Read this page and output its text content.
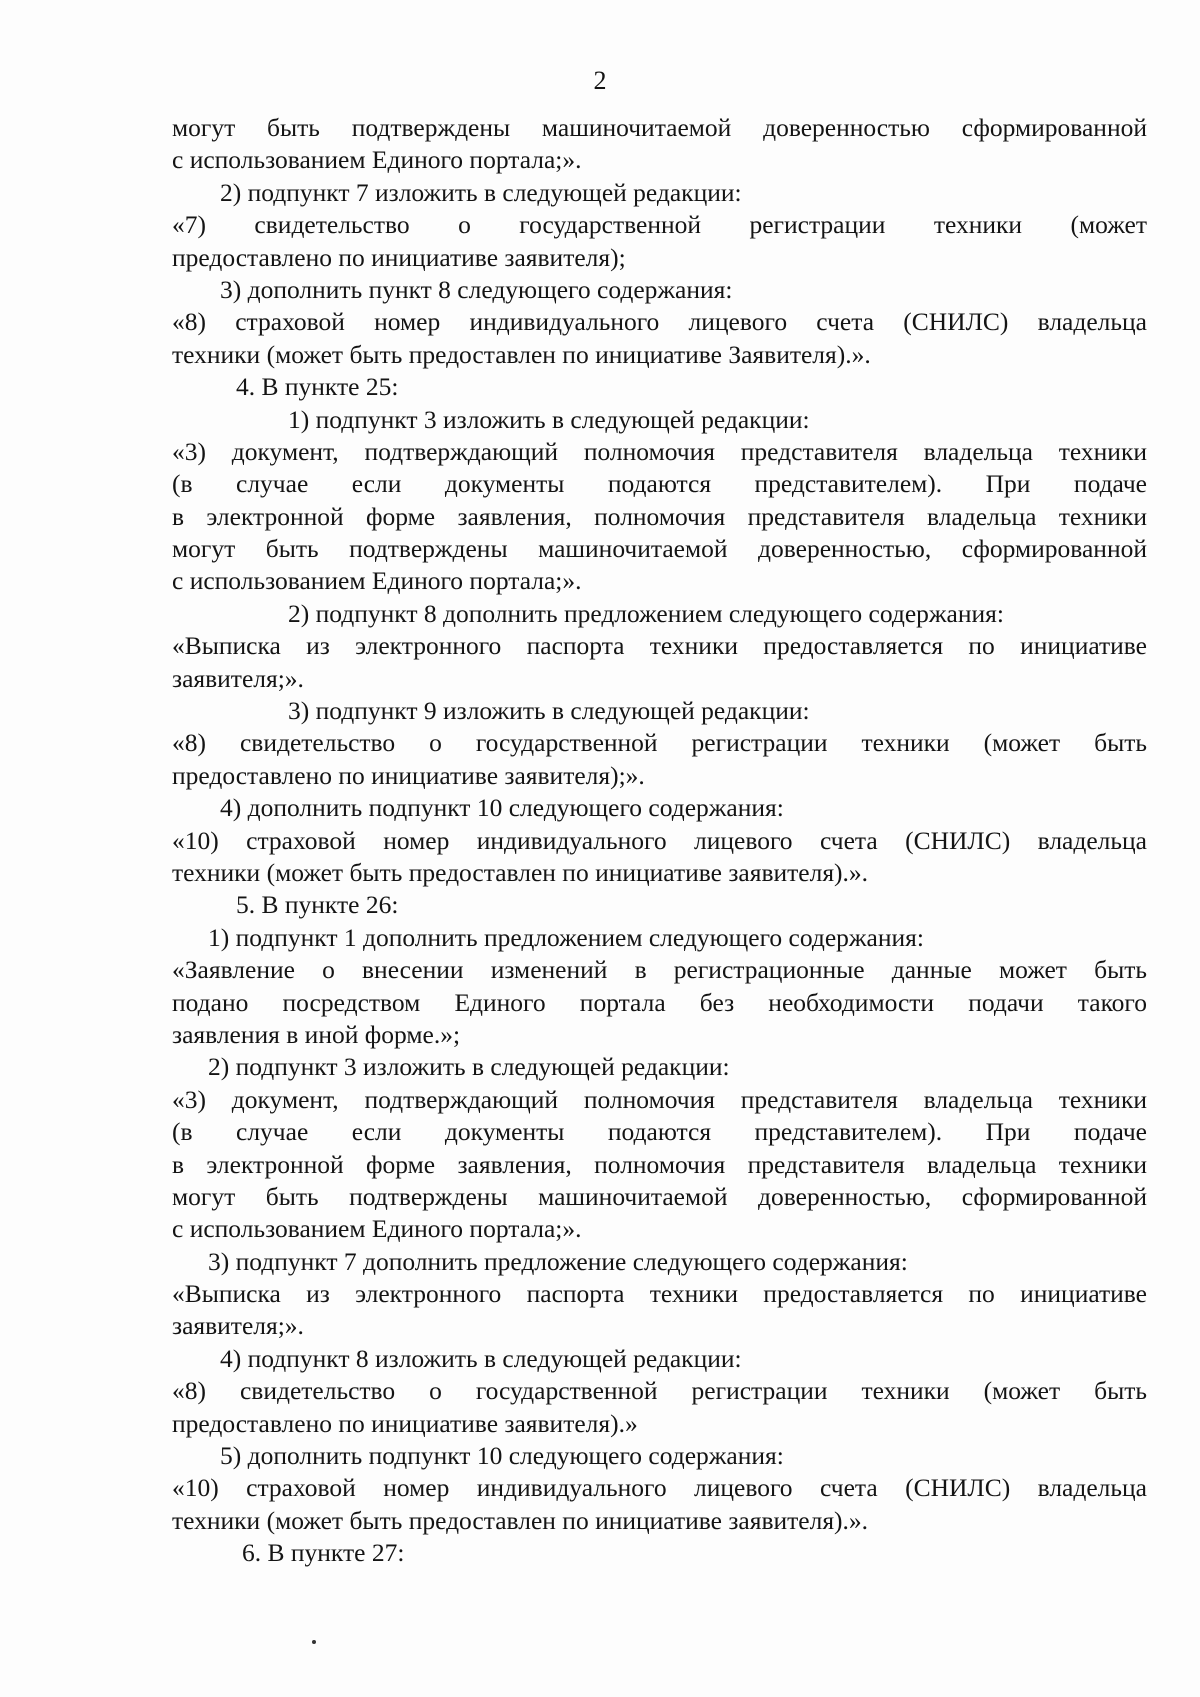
2
могут быть подтверждены машиночитаемой доверенностью сформированной
с использованием Единого портала;».
2) подпункт 7 изложить в следующей редакции:
«7) свидетельство о государственной регистрации техники (может
предоставлено по инициативе заявителя);
3) дополнить пункт 8 следующего содержания:
«8) страховой номер индивидуального лицевого счета (СНИЛС) владельца
техники (может быть предоставлен по инициативе Заявителя).».
4. В пункте 25:
1) подпункт 3 изложить в следующей редакции:
«3) документ, подтверждающий полномочия представителя владельца техники
(в случае если документы подаются представителем). При подаче
в электронной форме заявления, полномочия представителя владельца техники
могут быть подтверждены машиночитаемой доверенностью, сформированной
с использованием Единого портала;».
2) подпункт 8 дополнить предложением следующего содержания:
«Выписка из электронного паспорта техники предоставляется по инициативе
заявителя;».
3) подпункт 9 изложить в следующей редакции:
«8) свидетельство о государственной регистрации техники (может быть
предоставлено по инициативе заявителя);».
4) дополнить подпункт 10 следующего содержания:
«10) страховой номер индивидуального лицевого счета (СНИЛС) владельца
техники (может быть предоставлен по инициативе заявителя).».
5. В пункте 26:
1) подпункт 1 дополнить предложением следующего содержания:
«Заявление о внесении изменений в регистрационные данные может быть
подано посредством Единого портала без необходимости подачи такого
заявления в иной форме.»;
2) подпункт 3 изложить в следующей редакции:
«3) документ, подтверждающий полномочия представителя владельца техники
(в случае если документы подаются представителем). При подаче
в электронной форме заявления, полномочия представителя владельца техники
могут быть подтверждены машиночитаемой доверенностью, сформированной
с использованием Единого портала;».
3) подпункт 7 дополнить предложение следующего содержания:
«Выписка из электронного паспорта техники предоставляется по инициативе
заявителя;».
4) подпункт 8 изложить в следующей редакции:
«8) свидетельство о государственной регистрации техники (может быть
предоставлено по инициативе заявителя).»
5) дополнить подпункт 10 следующего содержания:
«10) страховой номер индивидуального лицевого счета (СНИЛС) владельца
техники (может быть предоставлен по инициативе заявителя).».
6. В пункте 27:
